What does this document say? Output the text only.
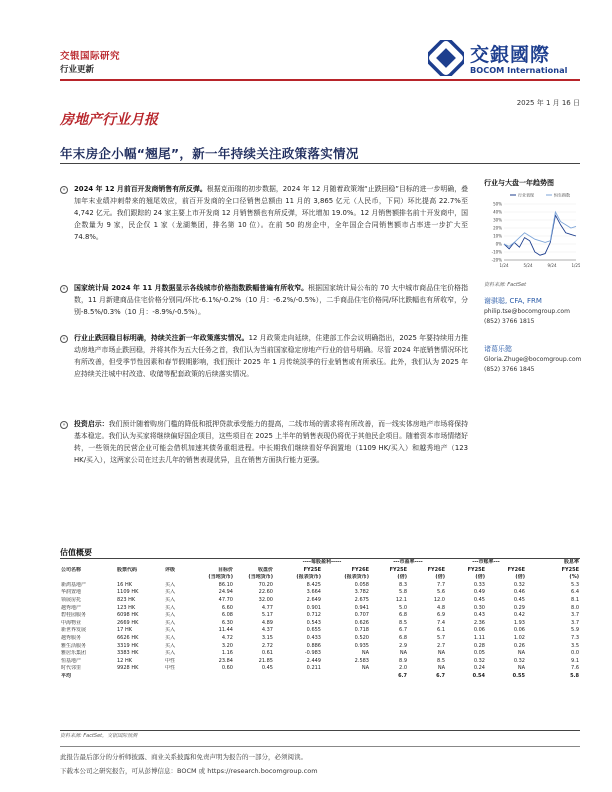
交银国际研究
行业更新
交銀國際
BOCOM International
2025 年 1 月 16 日
房地产行业月报
年末房企小幅“翘尾”，新一年持续关注政策落实情况
»	2024 年 12 月前百开发商销售有所反弹。根据克而瑞的初步数据，2024 年 12 月随着政策端“止跌回稳”目标的进一步明确，叠加年末业绩冲刺带来的翘尾效应，前百开发商的全口径销售总额由 11 月的 3,865 亿元（人民币，下同）环比提高 22.7%至 4,742 亿元。我们跟踪的 24 家主要上市开发商 12 月销售额也有所反弹，环比增加 19.0%。12 月销售额排名前十开发商中，国企数量为 9 家，民企仅 1 家（龙湖集团，排名第 10 位）。在前 50 的房企中，全年国企合同销售额市占率进一步扩大至 74.8%。
»	国家统计局 2024 年 11 月数据显示各线城市价格指数跌幅普遍有所收窄。根据国家统计局公布的 70 大中城市商品住宅价格指数，11 月新建商品住宅价格分别同/环比-6.1%/-0.2%（10 月：-6.2%/-0.5%），二手商品住宅价格同/环比跌幅也有所收窄，分别-8.5%/0.3%（10 月：-8.9%/-0.5%）。
»	行业止跌回稳目标明确，持续关注新一年政策落实情况。12 月政策走向延续，住建部工作会议明确指出，2025 年要持续用力推动房地产市场止跌回稳，并将其作为五大任务之首，我们认为当前国家稳定房地产行业的信号明确。尽管 2024 年底销售情况环比有所改善，但受季节性因素和春节假期影响，我们预计 2025 年 1 月传统淡季的行业销售或有所承压。此外，我们认为 2025 年应持续关注城中村改造、收储等配套政策的后续落实情况。
»	投资启示：我们预计随着购房门槛的降低和抵押贷款承受能力的提高，二线市场的需求将有所改善，而一线实体房地产市场将保持基本稳定。我们认为买家将继续偏好国企项目，这些项目在 2025 上半年的销售表现仍将优于其他民企项目。随着资本市场情绪好转，一些领先的民营企业可能会借机加速其债务重组进程。中长期我们继续看好华润置地（1109 HK/买入）和越秀地产（123 HK/买入），这两家公司在过去几年的销售表现优异，且在销售方面执行能力更强。
行业与大盘一年趋势图
50%
40%
30%
20%
10%
0%
-10%
-20%
1/24	5/24	9/24	1/25
行业表现	恒生指数
资料来源: FactSet
谢骐聪, CFA, FRM
philip.tse@bocomgroup.com
(852) 3766 1815
诸葛乐懿
Gloria.Zhuge@bocomgroup.com
(852) 3766 1845
估值概要
					----每股盈利-----		---市盈率----		---市账率---		股息率
公司名称	股票代码	评级	目标价	收盘价	FY25E	FY26E	FY25E	FY26E	FY25E	FY26E	FY25E
			(当地货币)	(当地货币)	(报表货币)	(报表货币)	(倍)	(倍)	(倍)	(倍)	(%)
新鸿基地产	16 HK	买入	86.10	70.20	8.425	0.058	8.3	7.7	0.33	0.32	5.3
华润置地	1109 HK	买入	24.94	22.60	3.664	3.782	5.8	5.6	0.49	0.46	6.4
领展房托	823 HK	买入	47.70	32.00	2.649	2.675	12.1	12.0	0.45	0.45	8.1
越秀地产	123 HK	买入	6.60	4.77	0.901	0.941	5.0	4.8	0.30	0.29	8.0
碧桂园服务	6098 HK	买入	6.08	5.17	0.712	0.707	6.8	6.9	0.43	0.42	3.7
中海物业	2669 HK	买入	6.30	4.89	0.543	0.626	8.5	7.4	2.36	1.93	3.7
新世界发展	17 HK	买入	11.44	4.37	0.655	0.718	6.7	6.1	0.06	0.06	5.9
越秀服务	6626 HK	买入	4.72	3.15	0.433	0.520	6.8	5.7	1.11	1.02	7.3
雅生活服务	3319 HK	买入	3.20	2.72	0.886	0.935	2.9	2.7	0.28	0.26	3.5
雅居乐集团	3383 HK	买入	1.16	0.61	-0.983	NA	NA	NA	0.05	NA	0.0
恒基地产	12 HK	中性	23.84	21.85	2.449	2.583	8.9	8.5	0.32	0.32	9.1
时代邻里	9928 HK	中性	0.60	0.45	0.211	NA	2.0	NA	0.24	NA	7.6
平均							6.7	6.7	0.54	0.55	5.8
资料来源: FactSet，交银国际预测
此报告最后部分的分析师披露、商业关系披露和免责声明为报告的一部分，必须阅读。
下载本公司之研究报告，可从彭博信息：BOCM 或 https://research.bocomgroup.com
